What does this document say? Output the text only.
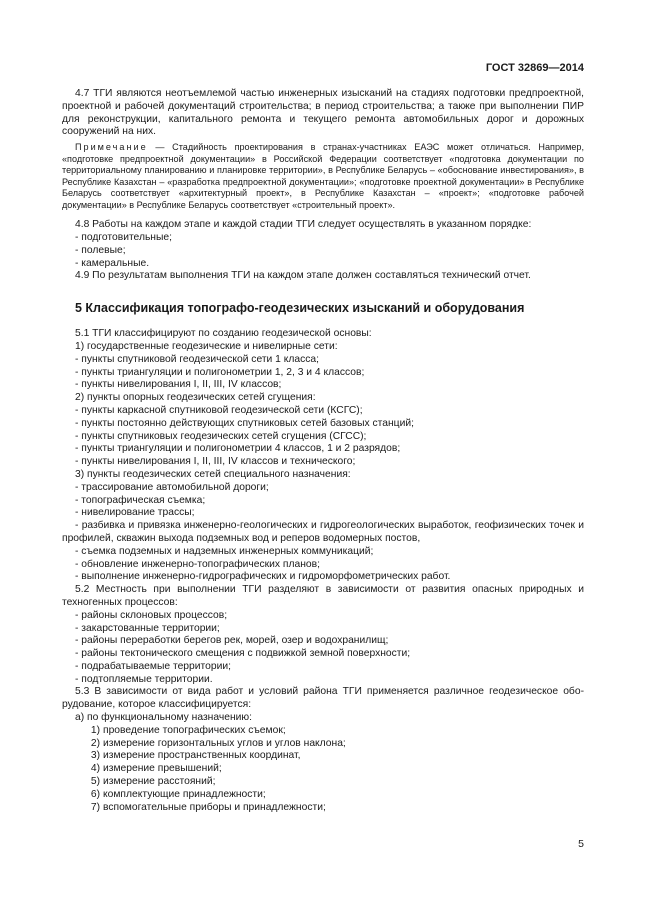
ГОСТ 32869—2014

4.7 ТГИ являются неотъемлемой частью инженерных изысканий на стадиях подготовки предпроектной, проектной и рабочей документаций строительства; в период строительства; а также при выполнении ПИР для реконструкции, капитального ремонта и текущего ремонта автомобильных дорог и дорожных сооружений на них.

Примечание — Стадийность проектирования в странах-участниках ЕАЭС может отличаться. Например, «подготовке предпроектной документации» в Российской Федерации соответствует «подготовка документации по территориальному планированию и планировке территории», в Республике Беларусь – «обоснование инвестирования», в Республике Казахстан – «разработка предпроектной документации»; «подготовке проектной документации» в Республике Беларусь соответствует «архитектурный проект», в Республике Казахстан – «проект»; «подготовке рабочей документации» в Республике Беларусь соответствует «строительный проект».

4.8 Работы на каждом этапе и каждой стадии ТГИ следует осуществлять в указанном порядке:

- подготовительные;

- полевые;

- камеральные.

4.9 По результатам выполнения ТГИ на каждом этапе должен составляться технический отчет.

5 Классификация топографо-геодезических изысканий и оборудования

5.1 ТГИ классифицируют по созданию геодезической основы:

1) государственные геодезические и нивелирные сети:

- пункты спутниковой геодезической сети 1 класса;

- пункты триангуляции и полигонометрии 1, 2, 3 и 4 классов;

- пункты нивелирования I, II, III, IV классов;

2) пункты опорных геодезических сетей сгущения:

- пункты каркасной спутниковой геодезической сети (КСГС);

- пункты постоянно действующих спутниковых сетей базовых станций;

- пункты спутниковых геодезических сетей сгущения (СГСС);

- пункты триангуляции и полигонометрии 4 классов, 1 и 2 разрядов;

- пункты нивелирования I, II, III, IV классов и технического;

3) пункты геодезических сетей специального назначения:

- трассирование автомобильной дороги;

- топографическая съемка;

- нивелирование трассы;

- разбивка и привязка инженерно-геологических и гидрогеологических выработок, геофизических точек и профилей, скважин выхода подземных вод и реперов водомерных постов,

- съемка подземных и надземных инженерных коммуникаций;

- обновление инженерно-топографических планов;

- выполнение инженерно-гидрографических и гидроморфометрических работ.

5.2 Местность при выполнении ТГИ разделяют в зависимости от развития опасных природных и техногенных процессов:

- районы склоновых процессов;

- закарстованные территории;

- районы переработки берегов рек, морей, озер и водохранилищ;

- районы тектонического смещения с подвижкой земной поверхности;

- подрабатываемые территории;

- подтопляемые территории.

5.3 В зависимости от вида работ и условий района ТГИ применяется различное геодезическое оборудование, которое классифицируется:

а) по функциональному назначению:

1) проведение топографических съемок;

2) измерение горизонтальных углов и углов наклона;

3) измерение пространственных координат,

4) измерение превышений;

5) измерение расстояний;

6) комплектующие принадлежности;

7) вспомогательные приборы и принадлежности;

5
